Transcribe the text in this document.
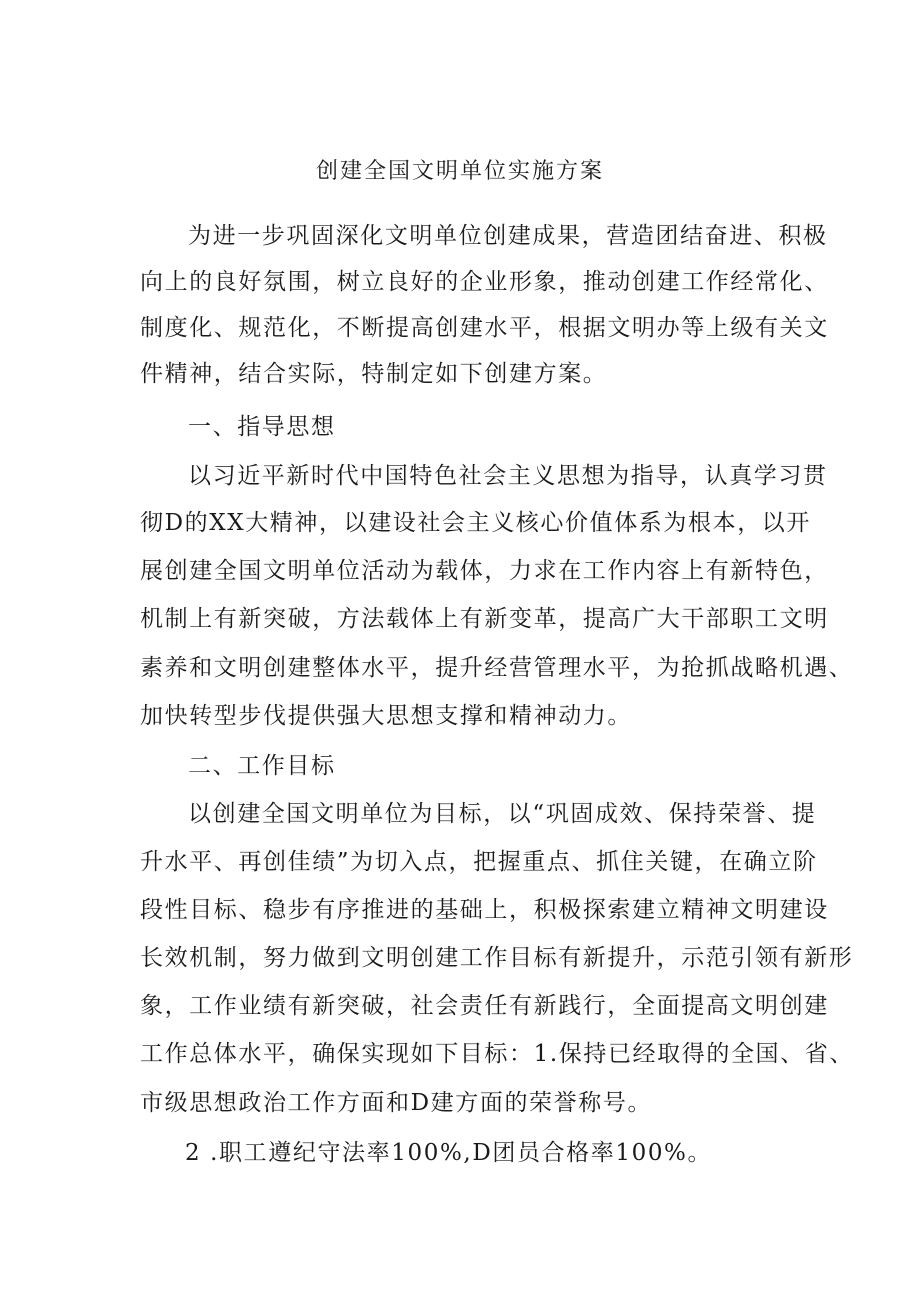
创建全国文明单位实施方案
为进一步巩固深化文明单位创建成果，营造团结奋进、积极
向上的良好氛围，树立良好的企业形象，推动创建工作经常化、
制度化、规范化，不断提高创建水平，根据文明办等上级有关文
件精神，结合实际，特制定如下创建方案。
一、指导思想
以习近平新时代中国特色社会主义思想为指导，认真学习贯
彻D的XX大精神，以建设社会主义核心价值体系为根本，以开
展创建全国文明单位活动为载体，力求在工作内容上有新特色，
机制上有新突破，方法载体上有新变革，提高广大干部职工文明
素养和文明创建整体水平，提升经营管理水平，为抢抓战略机遇、
加快转型步伐提供强大思想支撑和精神动力。
二、工作目标
以创建全国文明单位为目标，以“巩固成效、保持荣誉、提
升水平、再创佳绩”为切入点，把握重点、抓住关键，在确立阶
段性目标、稳步有序推进的基础上，积极探索建立精神文明建设
长效机制，努力做到文明创建工作目标有新提升，示范引领有新形
象，工作业绩有新突破，社会责任有新践行，全面提高文明创建
工作总体水平，确保实现如下目标：1.保持已经取得的全国、省、
市级思想政治工作方面和D建方面的荣誉称号。
2 .职工遵纪守法率100%,D团员合格率100%。
